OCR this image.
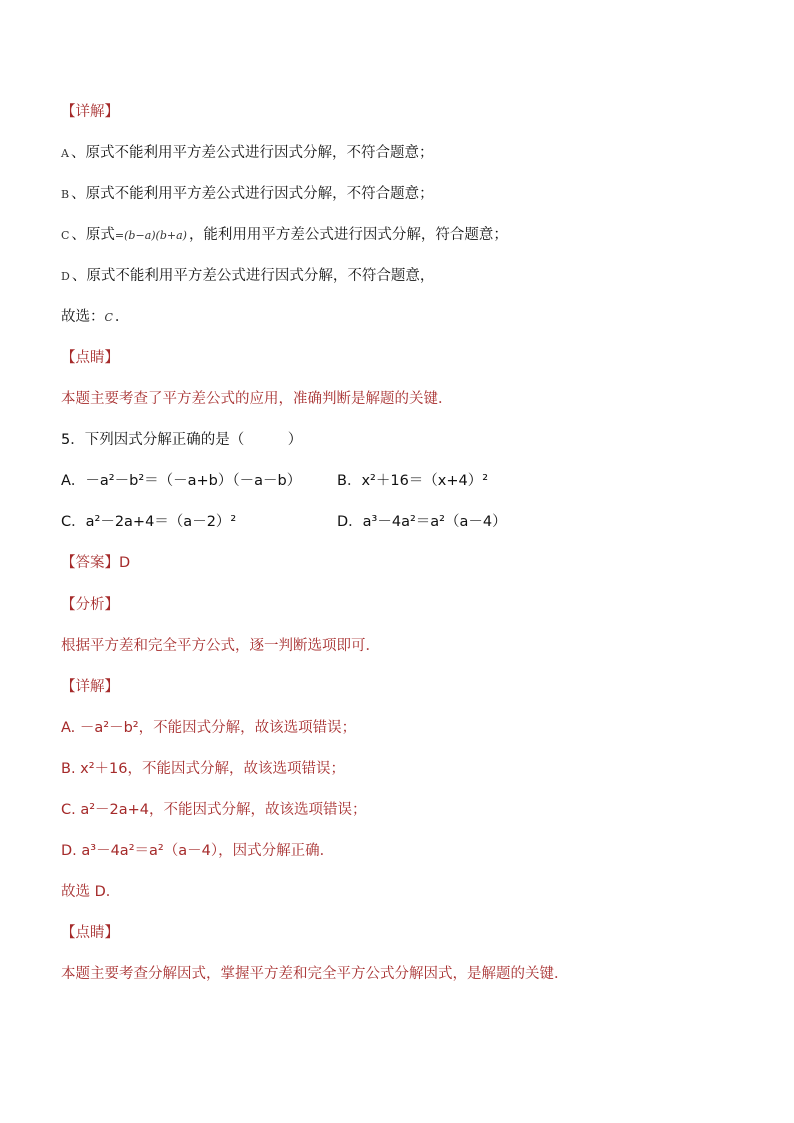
【详解】
A 、原式不能利用平方差公式进行因式分解，不符合题意；
B 、原式不能利用平方差公式进行因式分解，不符合题意；
C 、原式=(b−a)(b+a) ，能利用用平方差公式进行因式分解，符合题意；
D 、原式不能利用平方差公式进行因式分解，不符合题意，
故选：C ．
【点睛】
本题主要考查了平方差公式的应用，准确判断是解题的关键．
5．下列因式分解正确的是（　　　）
A．－a²－b²＝（－a+b）（－a－b） B．x²＋16＝（x+4）²
C．a²－2a+4＝（a－2）²	D．a³－4a²＝a²（a－4）
【答案】D
【分析】
根据平方差和完全平方公式，逐一判断选项即可．
【详解】
A. －a²－b²，不能因式分解，故该选项错误；
B. x²＋16，不能因式分解，故该选项错误；
C. a²－2a+4，不能因式分解，故该选项错误；
D. a³－4a²＝a²（a－4），因式分解正确．
故选 D．
【点睛】
本题主要考查分解因式，掌握平方差和完全平方公式分解因式，是解题的关键．
